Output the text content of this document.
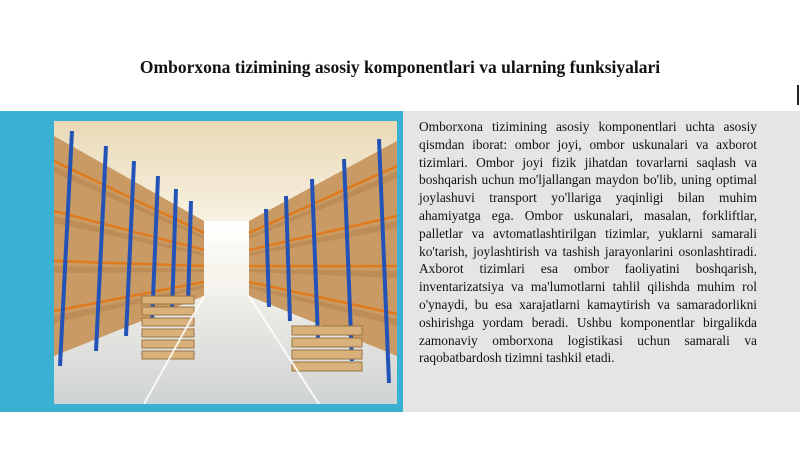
Omborxona tizimining asosiy komponentlari va ularning funksiyalari
Omborxona tizimining asosiy komponentlari uchta asosiy qismdan iborat: ombor joyi, ombor uskunalari va axborot tizimlari. Ombor joyi fizik jihatdan tovarlarni saqlash va boshqarish uchun mo'ljallangan maydon bo'lib, uning optimal joylashuvi transport yo'llariga yaqinligi bilan muhim ahamiyatga ega. Ombor uskunalari, masalan, forkliftlar, palletlar va avtomatlashtirilgan tizimlar, yuklarni samarali ko'tarish, joylashtirish va tashish jarayonlarini osonlashtiradi. Axborot tizimlari esa ombor faoliyatini boshqarish, inventarizatsiya va ma'lumotlarni tahlil qilishda muhim rol o'ynaydi, bu esa xarajatlarni kamaytirish va samaradorlikni oshirishga yordam beradi. Ushbu komponentlar birgalikda zamonaviy omborxona logistikasi uchun samarali va raqobatbardosh tizimni tashkil etadi.
